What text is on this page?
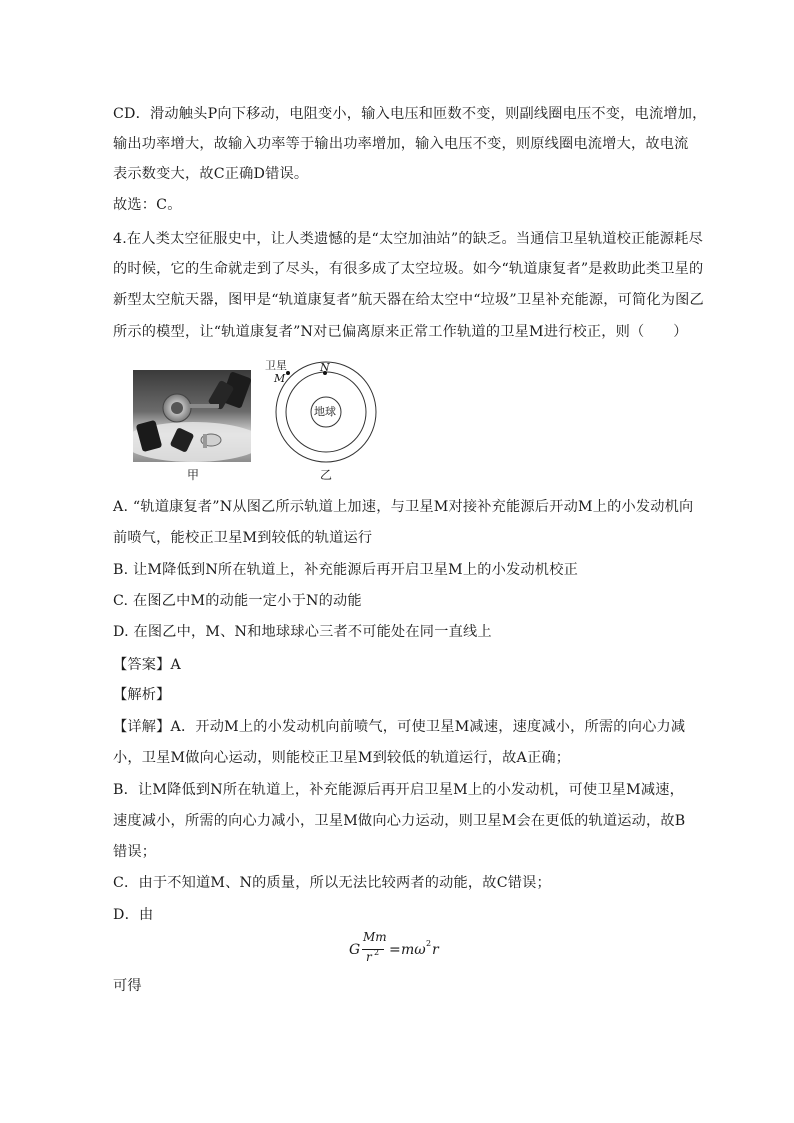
CD．滑动触头P向下移动，电阻变小，输入电压和匝数不变，则副线圈电压不变，电流增加，
输出功率增大，故输入功率等于输出功率增加，输入电压不变，则原线圈电流增大，故电流
表示数变大，故C正确D错误。
故选：C。
4.在人类太空征服史中，让人类遗憾的是“太空加油站”的缺乏。当通信卫星轨道校正能源耗尽
的时候，它的生命就走到了尽头，有很多成了太空垃圾。如今“轨道康复者”是救助此类卫星的
新型太空航天器，图甲是“轨道康复者”航天器在给太空中“垃圾”卫星补充能源，可简化为图乙
所示的模型，让“轨道康复者”N对已偏离原来正常工作轨道的卫星M进行校正，则（　　）
卫星
M
N
地球
甲	乙
A. “轨道康复者”N从图乙所示轨道上加速，与卫星M对接补充能源后开动M上的小发动机向
前喷气，能校正卫星M到较低的轨道运行
B. 让M降低到N所在轨道上，补充能源后再开启卫星M上的小发动机校正
C. 在图乙中M的动能一定小于N的动能
D. 在图乙中，M、N和地球球心三者不可能处在同一直线上
【答案】A
【解析】
【详解】A．开动M上的小发动机向前喷气，可使卫星M减速，速度减小，所需的向心力减
小，卫星M做向心运动，则能校正卫星M到较低的轨道运行，故A正确；
B．让M降低到N所在轨道上，补充能源后再开启卫星M上的小发动机，可使卫星M减速，
速度减小，所需的向心力减小，卫星M做向心力运动，则卫星M会在更低的轨道运动，故B
错误；
C．由于不知道M、N的质量，所以无法比较两者的动能，故C错误；
D．由
G
Mm
r 2 = mω 2 r
可得
